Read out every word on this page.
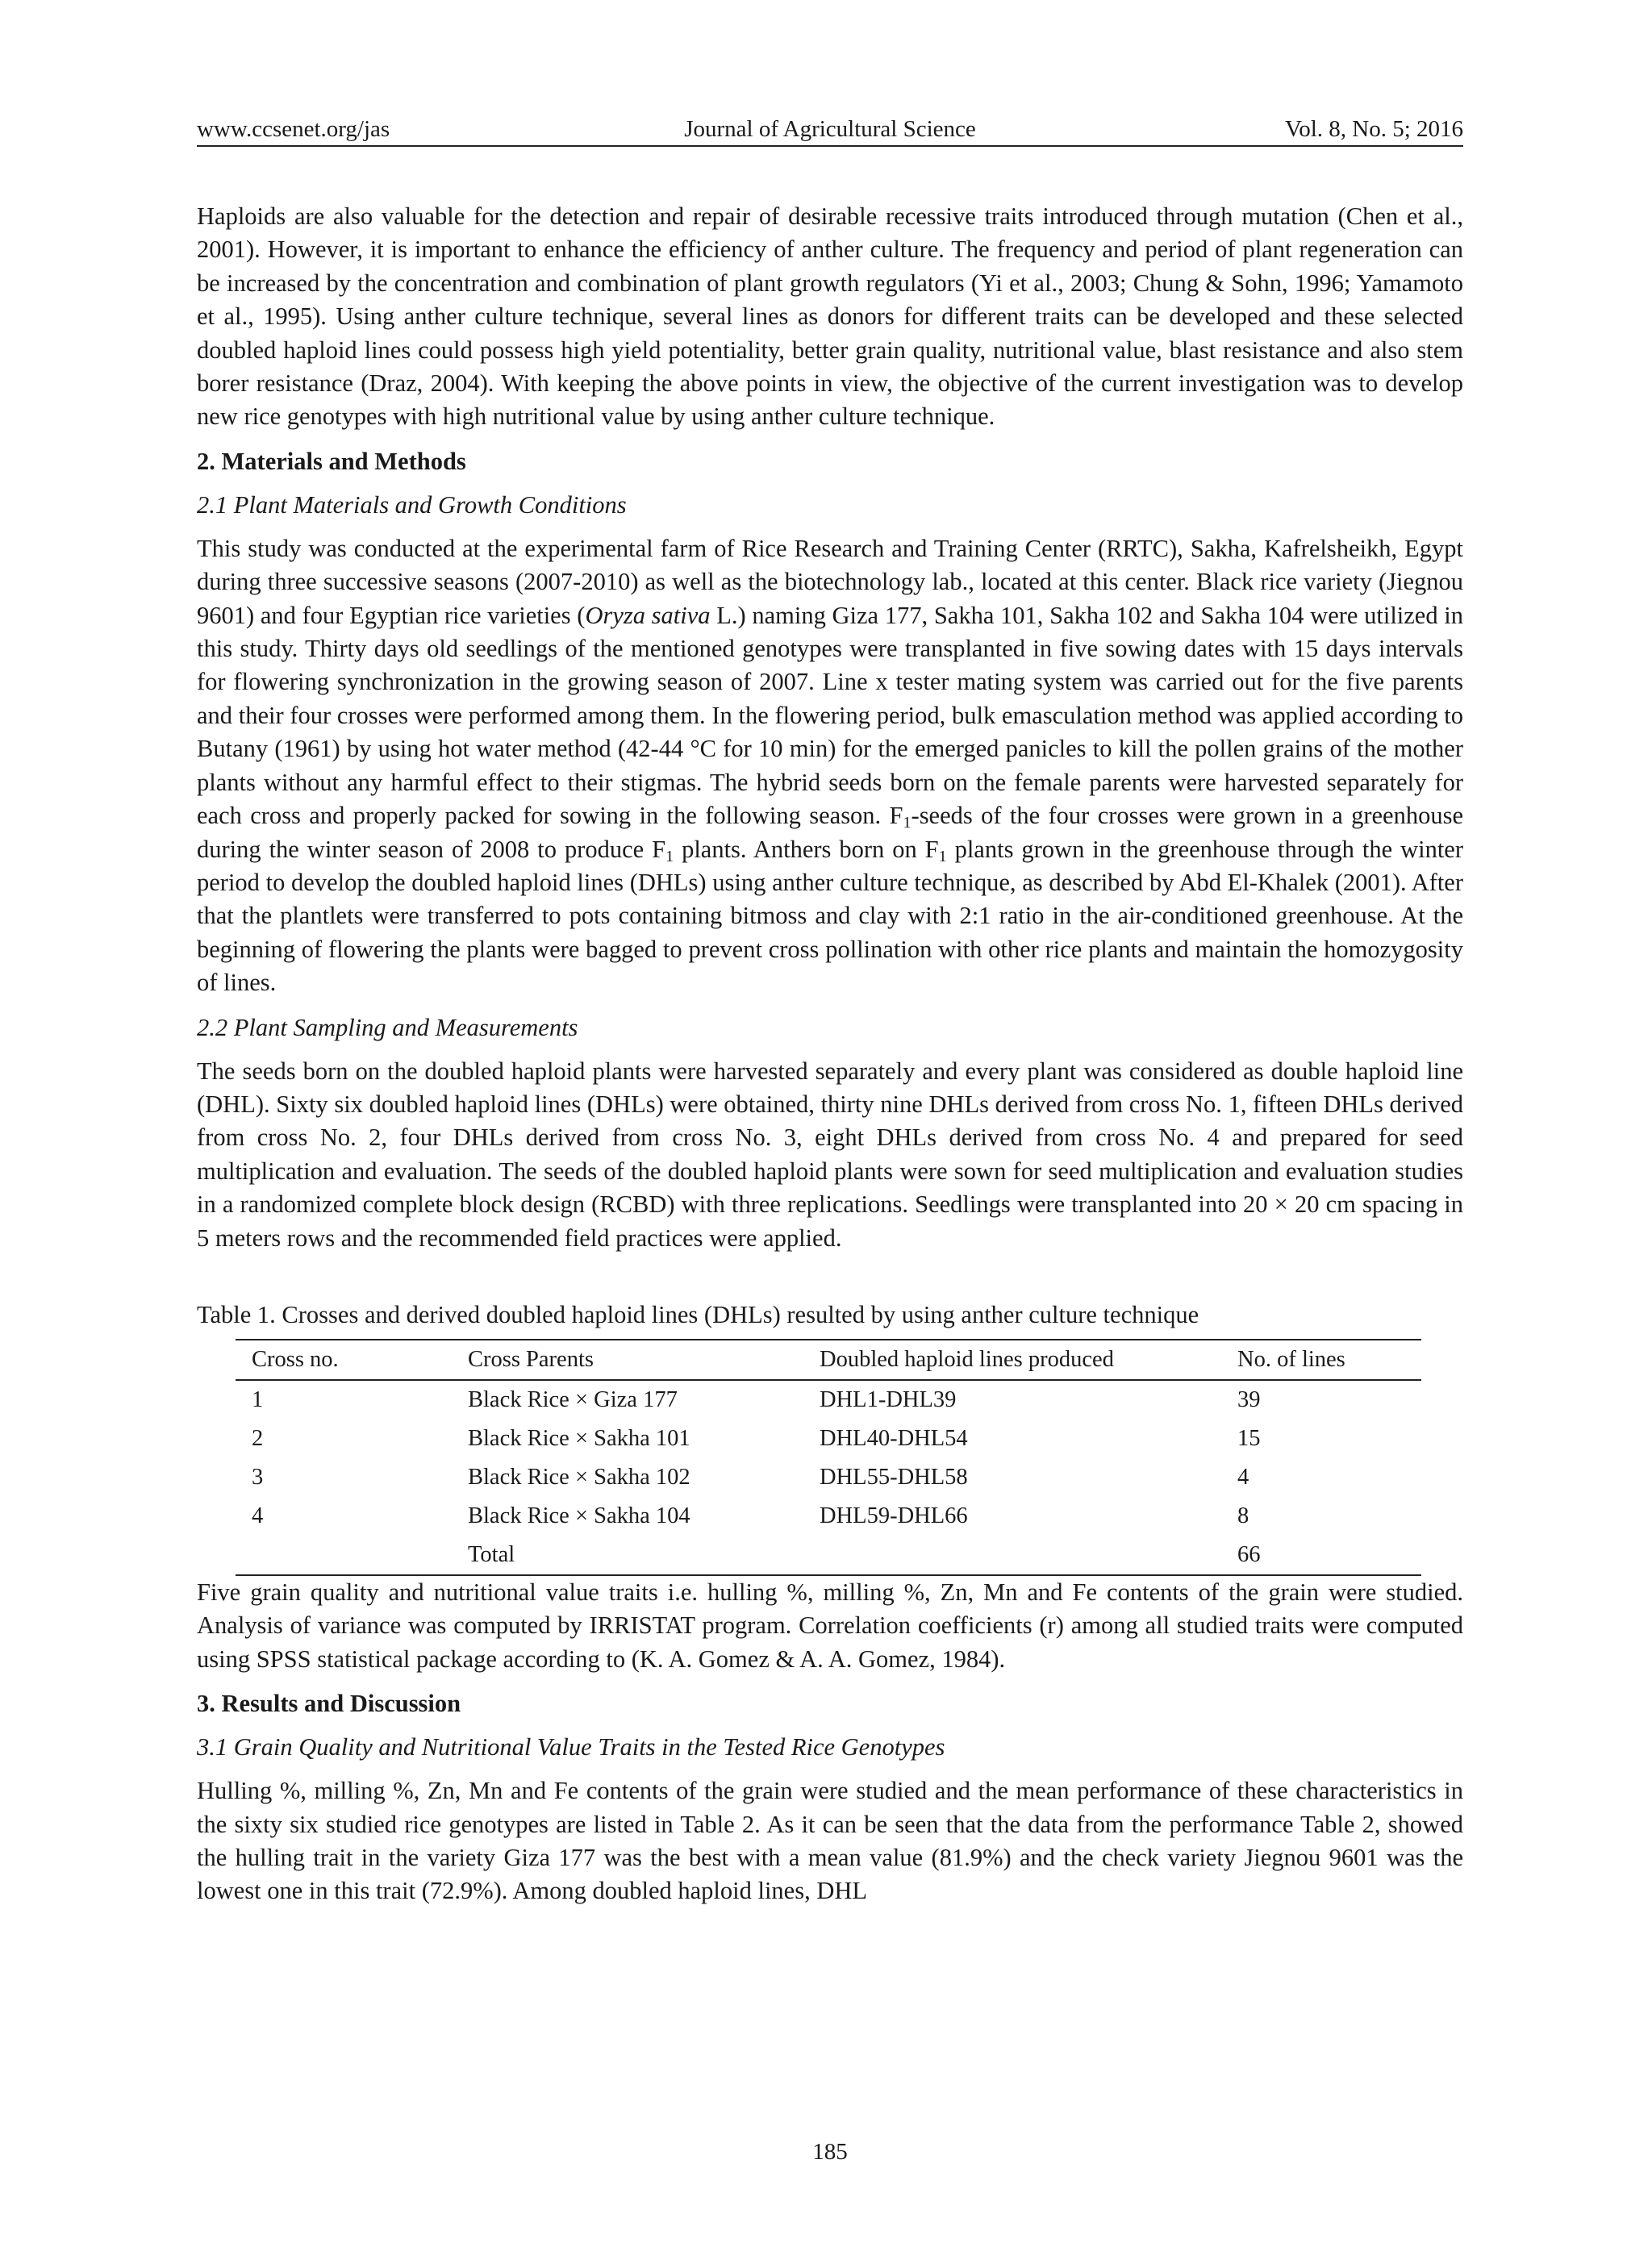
www.ccsenet.org/jas	Journal of Agricultural Science	Vol. 8, No. 5; 2016

Haploids are also valuable for the detection and repair of desirable recessive traits introduced through mutation (Chen et al., 2001). However, it is important to enhance the efficiency of anther culture. The frequency and period of plant regeneration can be increased by the concentration and combination of plant growth regulators (Yi et al., 2003; Chung & Sohn, 1996; Yamamoto et al., 1995). Using anther culture technique, several lines as donors for different traits can be developed and these selected doubled haploid lines could possess high yield potentiality, better grain quality, nutritional value, blast resistance and also stem borer resistance (Draz, 2004). With keeping the above points in view, the objective of the current investigation was to develop new rice genotypes with high nutritional value by using anther culture technique.

2. Materials and Methods
2.1 Plant Materials and Growth Conditions

This study was conducted at the experimental farm of Rice Research and Training Center (RRTC), Sakha, Kafrelsheikh, Egypt during three successive seasons (2007-2010) as well as the biotechnology lab., located at this center. Black rice variety (Jiegnou 9601) and four Egyptian rice varieties (Oryza sativa L.) naming Giza 177, Sakha 101, Sakha 102 and Sakha 104 were utilized in this study. Thirty days old seedlings of the mentioned genotypes were transplanted in five sowing dates with 15 days intervals for flowering synchronization in the growing season of 2007. Line x tester mating system was carried out for the five parents and their four crosses were performed among them. In the flowering period, bulk emasculation method was applied according to Butany (1961) by using hot water method (42-44 °C for 10 min) for the emerged panicles to kill the pollen grains of the mother plants without any harmful effect to their stigmas. The hybrid seeds born on the female parents were harvested separately for each cross and properly packed for sowing in the following season. F1-seeds of the four crosses were grown in a greenhouse during the winter season of 2008 to produce F1 plants. Anthers born on F1 plants grown in the greenhouse through the winter period to develop the doubled haploid lines (DHLs) using anther culture technique, as described by Abd El-Khalek (2001). After that the plantlets were transferred to pots containing bitmoss and clay with 2:1 ratio in the air-conditioned greenhouse. At the beginning of flowering the plants were bagged to prevent cross pollination with other rice plants and maintain the homozygosity of lines.

2.2 Plant Sampling and Measurements

The seeds born on the doubled haploid plants were harvested separately and every plant was considered as double haploid line (DHL). Sixty six doubled haploid lines (DHLs) were obtained, thirty nine DHLs derived from cross No. 1, fifteen DHLs derived from cross No. 2, four DHLs derived from cross No. 3, eight DHLs derived from cross No. 4 and prepared for seed multiplication and evaluation. The seeds of the doubled haploid plants were sown for seed multiplication and evaluation studies in a randomized complete block design (RCBD) with three replications. Seedlings were transplanted into 20 × 20 cm spacing in 5 meters rows and the recommended field practices were applied.

Table 1. Crosses and derived doubled haploid lines (DHLs) resulted by using anther culture technique
Cross no.	Cross Parents	Doubled haploid lines produced	No. of lines
1	Black Rice × Giza 177	DHL1-DHL39	39
2	Black Rice × Sakha 101	DHL40-DHL54	15
3	Black Rice × Sakha 102	DHL55-DHL58	4
4	Black Rice × Sakha 104	DHL59-DHL66	8
	Total		66

Five grain quality and nutritional value traits i.e. hulling %, milling %, Zn, Mn and Fe contents of the grain were studied. Analysis of variance was computed by IRRISTAT program. Correlation coefficients (r) among all studied traits were computed using SPSS statistical package according to (K. A. Gomez & A. A. Gomez, 1984).

3. Results and Discussion
3.1 Grain Quality and Nutritional Value Traits in the Tested Rice Genotypes

Hulling %, milling %, Zn, Mn and Fe contents of the grain were studied and the mean performance of these characteristics in the sixty six studied rice genotypes are listed in Table 2. As it can be seen that the data from the performance Table 2, showed the hulling trait in the variety Giza 177 was the best with a mean value (81.9%) and the check variety Jiegnou 9601 was the lowest one in this trait (72.9%). Among doubled haploid lines, DHL

185
